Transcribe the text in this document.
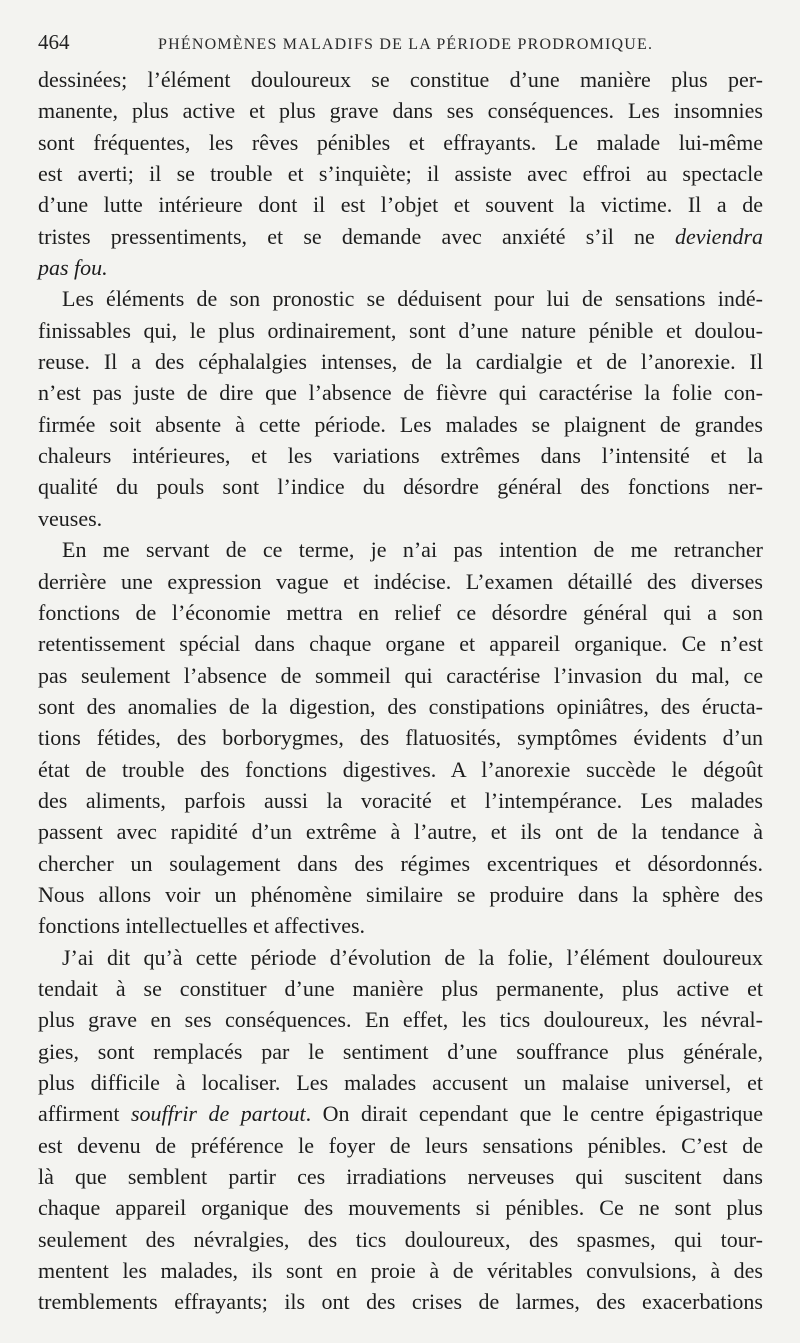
464	PHÉNOMÈNES MALADIFS DE LA PÉRIODE PRODROMIQUE.

dessinées; l’élément douloureux se constitue d’une manière plus per-
manente, plus active et plus grave dans ses conséquences. Les insomnies
sont fréquentes, les rêves pénibles et effrayants. Le malade lui-même
est averti; il se trouble et s’inquiète; il assiste avec effroi au spectacle
d’une lutte intérieure dont il est l’objet et souvent la victime. Il a de
tristes pressentiments, et se demande avec anxiété s’il ne deviendra
pas fou.

Les éléments de son pronostic se déduisent pour lui de sensations indé-
finissables qui, le plus ordinairement, sont d’une nature pénible et doulou-
reuse. Il a des céphalalgies intenses, de la cardialgie et de l’anorexie. Il
n’est pas juste de dire que l’absence de fièvre qui caractérise la folie con-
firmée soit absente à cette période. Les malades se plaignent de grandes
chaleurs intérieures, et les variations extrêmes dans l’intensité et la
qualité du pouls sont l’indice du désordre général des fonctions ner-
veuses.

En me servant de ce terme, je n’ai pas intention de me retrancher
derrière une expression vague et indécise. L’examen détaillé des diverses
fonctions de l’économie mettra en relief ce désordre général qui a son
retentissement spécial dans chaque organe et appareil organique. Ce n’est
pas seulement l’absence de sommeil qui caractérise l’invasion du mal, ce
sont des anomalies de la digestion, des constipations opiniâtres, des éructa-
tions fétides, des borborygmes, des flatuosités, symptômes évidents d’un
état de trouble des fonctions digestives. A l’anorexie succède le dégoût
des aliments, parfois aussi la voracité et l’intempérance. Les malades
passent avec rapidité d’un extrême à l’autre, et ils ont de la tendance à
chercher un soulagement dans des régimes excentriques et désordonnés.
Nous allons voir un phénomène similaire se produire dans la sphère des
fonctions intellectuelles et affectives.

J’ai dit qu’à cette période d’évolution de la folie, l’élément douloureux
tendait à se constituer d’une manière plus permanente, plus active et
plus grave en ses conséquences. En effet, les tics douloureux, les névral-
gies, sont remplacés par le sentiment d’une souffrance plus générale,
plus difficile à localiser. Les malades accusent un malaise universel, et
affirment souffrir de partout. On dirait cependant que le centre épigastrique
est devenu de préférence le foyer de leurs sensations pénibles. C’est de
là que semblent partir ces irradiations nerveuses qui suscitent dans
chaque appareil organique des mouvements si pénibles. Ce ne sont plus
seulement des névralgies, des tics douloureux, des spasmes, qui tour-
mentent les malades, ils sont en proie à de véritables convulsions, à des
tremblements effrayants; ils ont des crises de larmes, des exacerbations
